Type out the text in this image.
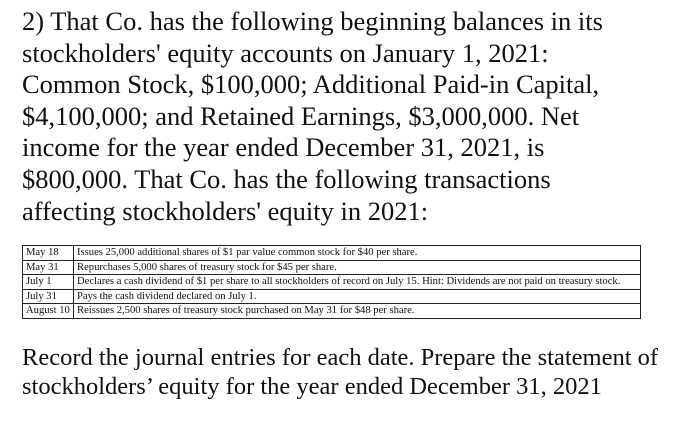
2) That Co. has the following beginning balances in its
stockholders' equity accounts on January 1, 2021:
Common Stock, $100,000; Additional Paid-in Capital,
$4,100,000; and Retained Earnings, $3,000,000. Net
income for the year ended December 31, 2021, is
$800,000. That Co. has the following transactions
affecting stockholders' equity in 2021:

May 18	Issues 25,000 additional shares of $1 par value common stock for $40 per share.
May 31	Repurchases 5,000 shares of treasury stock for $45 per share.
July 1	Declares a cash dividend of $1 per share to all stockholders of record on July 15. Hint: Dividends are not paid on treasury stock.
July 31	Pays the cash dividend declared on July 1.
August 10	Reissues 2,500 shares of treasury stock purchased on May 31 for $48 per share.

Record the journal entries for each date. Prepare the statement of
stockholders’ equity for the year ended December 31, 2021
